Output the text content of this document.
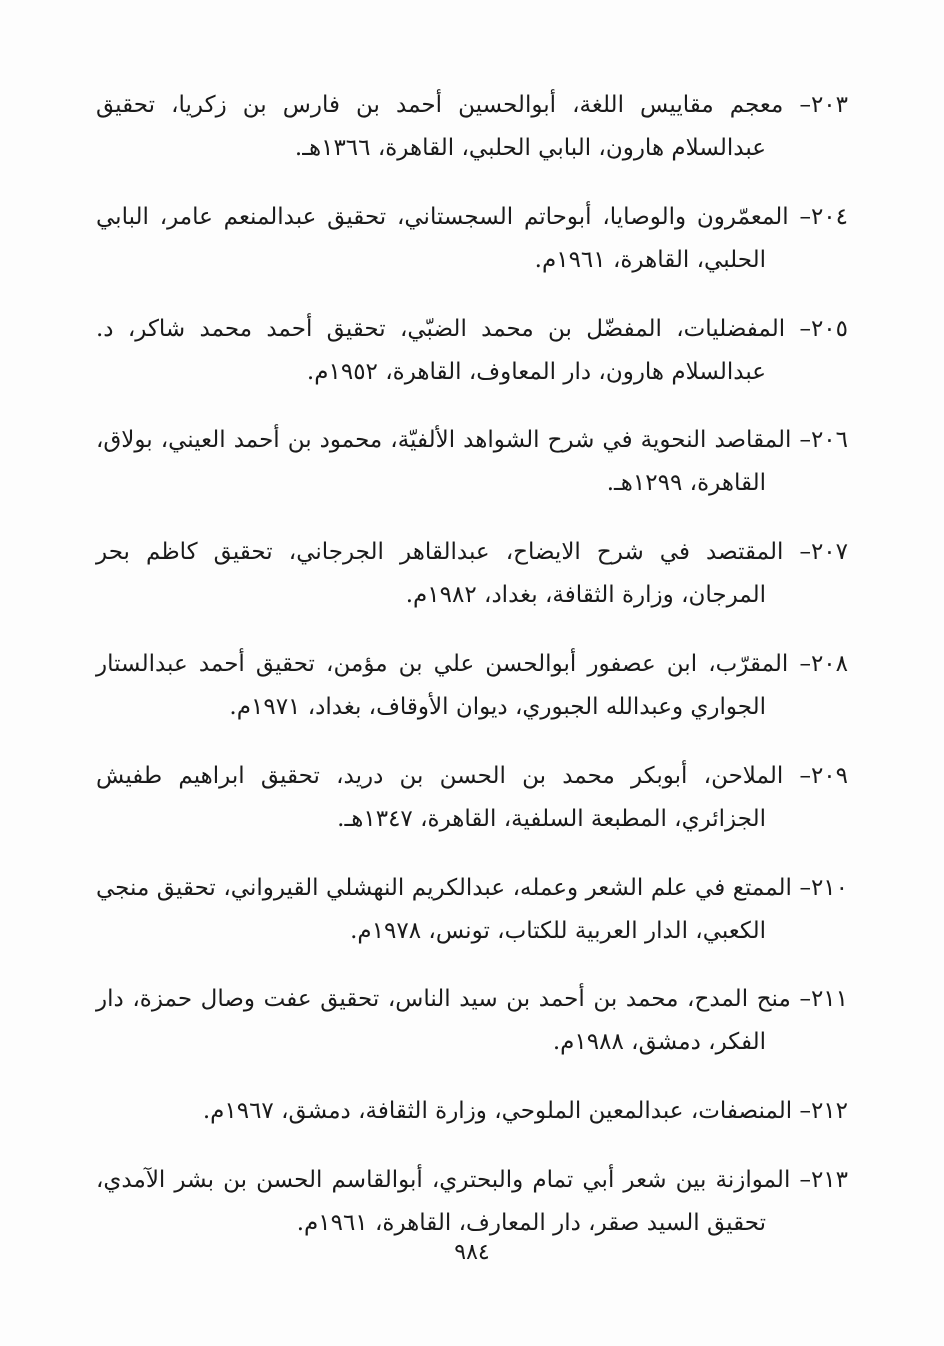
٢٠٣– معجم مقاييس اللغة، أبوالحسين أحمد بن فارس بن زكريا، تحقيق عبدالسلام هارون، البابي الحلبي، القاهرة، ١٣٦٦هـ.
٢٠٤– المعمّرون والوصايا، أبوحاتم السجستاني، تحقيق عبدالمنعم عامر، البابي الحلبي، القاهرة، ١٩٦١م.
٢٠٥– المفضليات، المفضّل بن محمد الضبّي، تحقيق أحمد محمد شاكر، د. عبدالسلام هارون، دار المعاوف، القاهرة، ١٩٥٢م.
٢٠٦– المقاصد النحوية في شرح الشواهد الألفيّة، محمود بن أحمد العيني، بولاق، القاهرة، ١٢٩٩هـ.
٢٠٧– المقتصد في شرح الايضاح، عبدالقاهر الجرجاني، تحقيق كاظم بحر المرجان، وزارة الثقافة، بغداد، ١٩٨٢م.
٢٠٨– المقرّب، ابن عصفور أبوالحسن علي بن مؤمن، تحقيق أحمد عبدالستار الجواري وعبدالله الجبوري، ديوان الأوقاف، بغداد، ١٩٧١م.
٢٠٩– الملاحن، أبوبكر محمد بن الحسن بن دريد، تحقيق ابراهيم طفيش الجزائري، المطبعة السلفية، القاهرة، ١٣٤٧هـ.
٢١٠– الممتع في علم الشعر وعمله، عبدالكريم النهشلي القيرواني، تحقيق منجي الكعبي، الدار العربية للكتاب، تونس، ١٩٧٨م.
٢١١– منح المدح، محمد بن أحمد بن سيد الناس، تحقيق عفت وصال حمزة، دار الفكر، دمشق، ١٩٨٨م.
٢١٢– المنصفات، عبدالمعين الملوحي، وزارة الثقافة، دمشق، ١٩٦٧م.
٢١٣– الموازنة بين شعر أبي تمام والبحتري، أبوالقاسم الحسن بن بشر الآمدي، تحقيق السيد صقر، دار المعارف، القاهرة، ١٩٦١م.
٩٨٤
